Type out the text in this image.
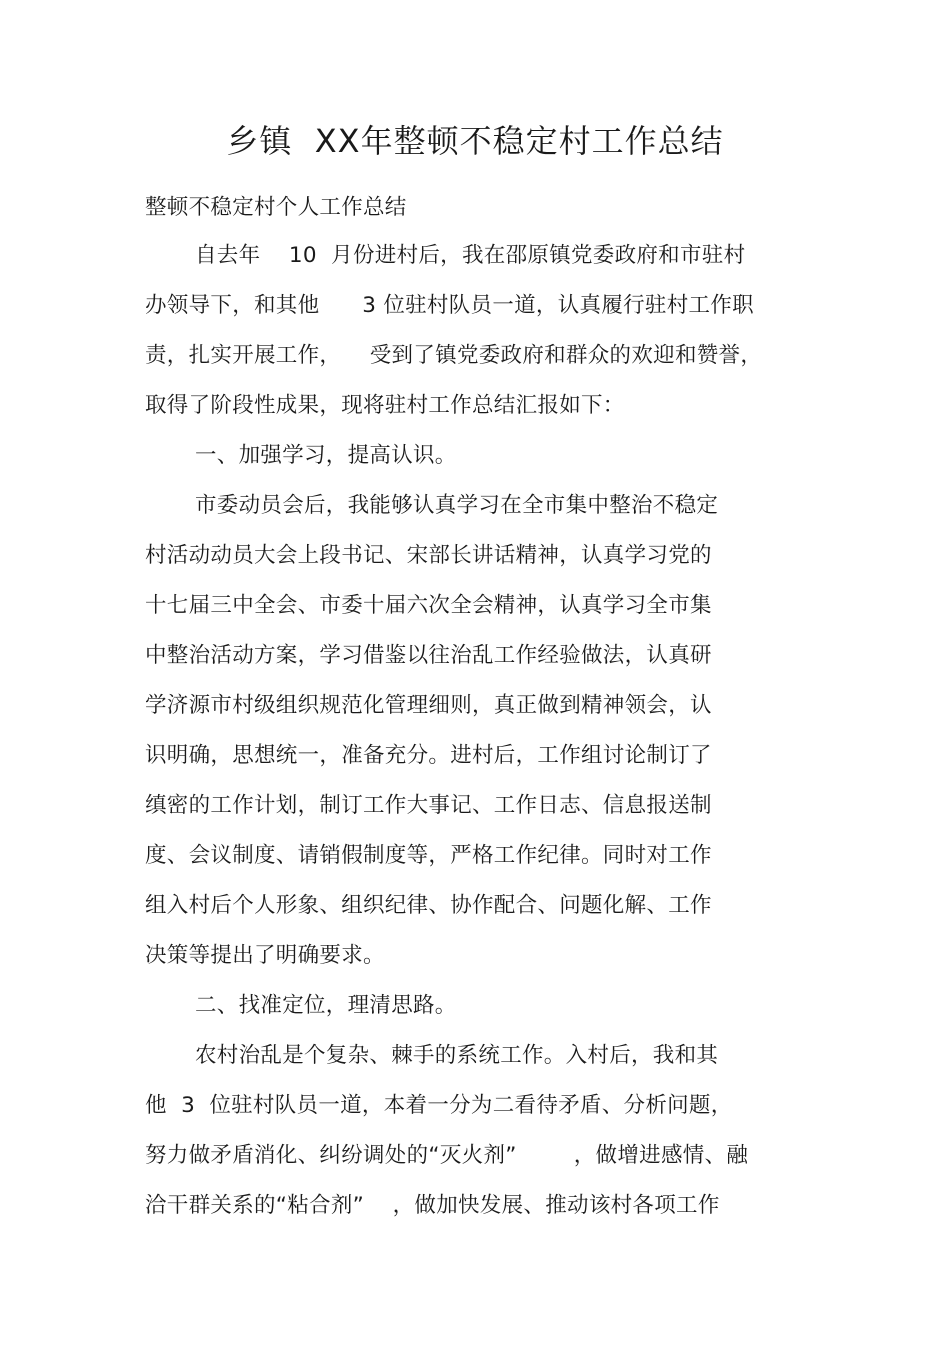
乡镇  XX年整顿不稳定村工作总结
整顿不稳定村个人工作总结
自去年    10  月份进村后，我在邵原镇党委政府和市驻村
办领导下，和其他      3 位驻村队员一道，认真履行驻村工作职
责，扎实开展工作，    受到了镇党委政府和群众的欢迎和赞誉，
取得了阶段性成果，现将驻村工作总结汇报如下：
一、加强学习，提高认识。
市委动员会后，我能够认真学习在全市集中整治不稳定
村活动动员大会上段书记、宋部长讲话精神，认真学习党的
十七届三中全会、市委十届六次全会精神，认真学习全市集
中整治活动方案，学习借鉴以往治乱工作经验做法，认真研
学济源市村级组织规范化管理细则，真正做到精神领会，认
识明确，思想统一，准备充分。进村后，工作组讨论制订了
缜密的工作计划，制订工作大事记、工作日志、信息报送制
度、会议制度、请销假制度等，严格工作纪律。同时对工作
组入村后个人形象、组织纪律、协作配合、问题化解、工作
决策等提出了明确要求。
二、找准定位，理清思路。
农村治乱是个复杂、棘手的系统工作。入村后，我和其
他  3  位驻村队员一道，本着一分为二看待矛盾、分析问题，
努力做矛盾消化、纠纷调处的“灭火剂”        ，做增进感情、融
洽干群关系的“粘合剂”    ，做加快发展、推动该村各项工作
